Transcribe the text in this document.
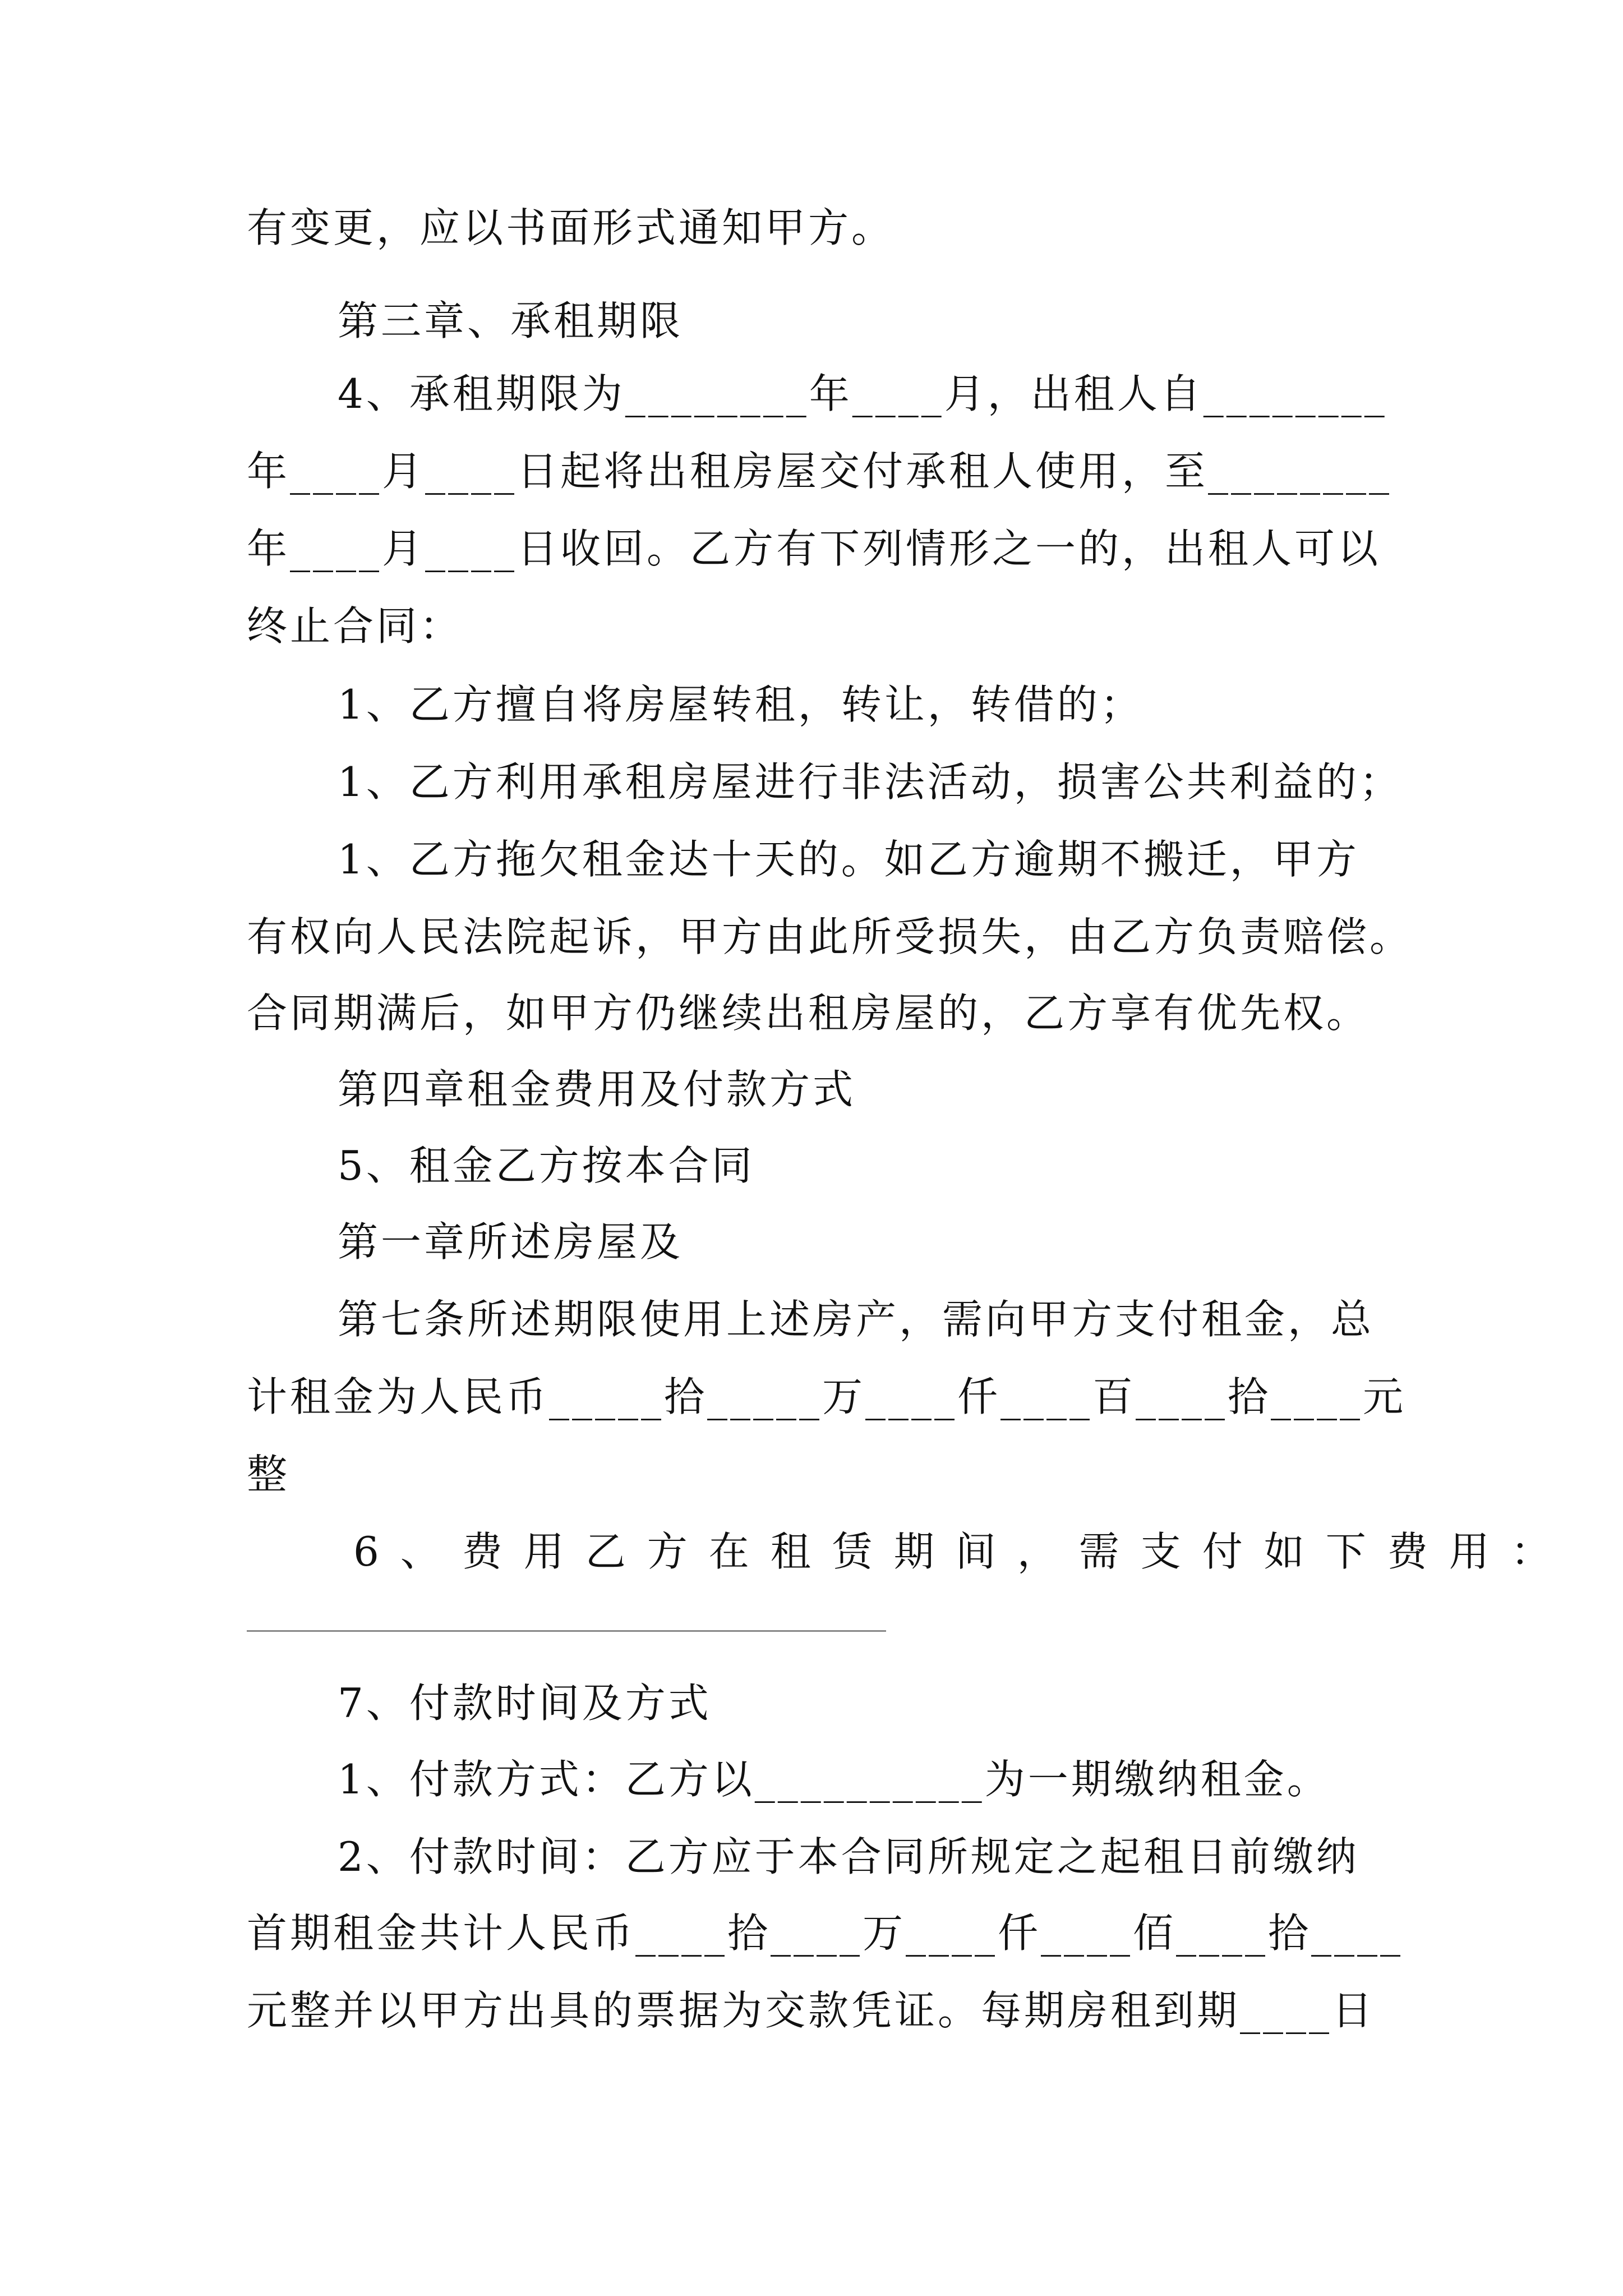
有变更，应以书面形式通知甲方。
第三章、承租期限
4、承租期限为________年____月，出租人自________
年____月____日起将出租房屋交付承租人使用，至________
年____月____日收回。乙方有下列情形之一的，出租人可以
终止合同：
1、乙方擅自将房屋转租，转让，转借的；
1、乙方利用承租房屋进行非法活动，损害公共利益的；
1、乙方拖欠租金达十天的。如乙方逾期不搬迁，甲方
有权向人民法院起诉，甲方由此所受损失，由乙方负责赔偿。
合同期满后，如甲方仍继续出租房屋的，乙方享有优先权。
第四章租金费用及付款方式
5、租金乙方按本合同
第一章所述房屋及
第七条所述期限使用上述房产，需向甲方支付租金，总
计租金为人民币_____拾_____万____仟____百____拾____元
整
6、费用乙方在租赁期间，需支付如下费用：
7、付款时间及方式
1、付款方式：乙方以__________为一期缴纳租金。
2、付款时间：乙方应于本合同所规定之起租日前缴纳
首期租金共计人民币____拾____万____仟____佰____拾____
元整并以甲方出具的票据为交款凭证。每期房租到期____日
